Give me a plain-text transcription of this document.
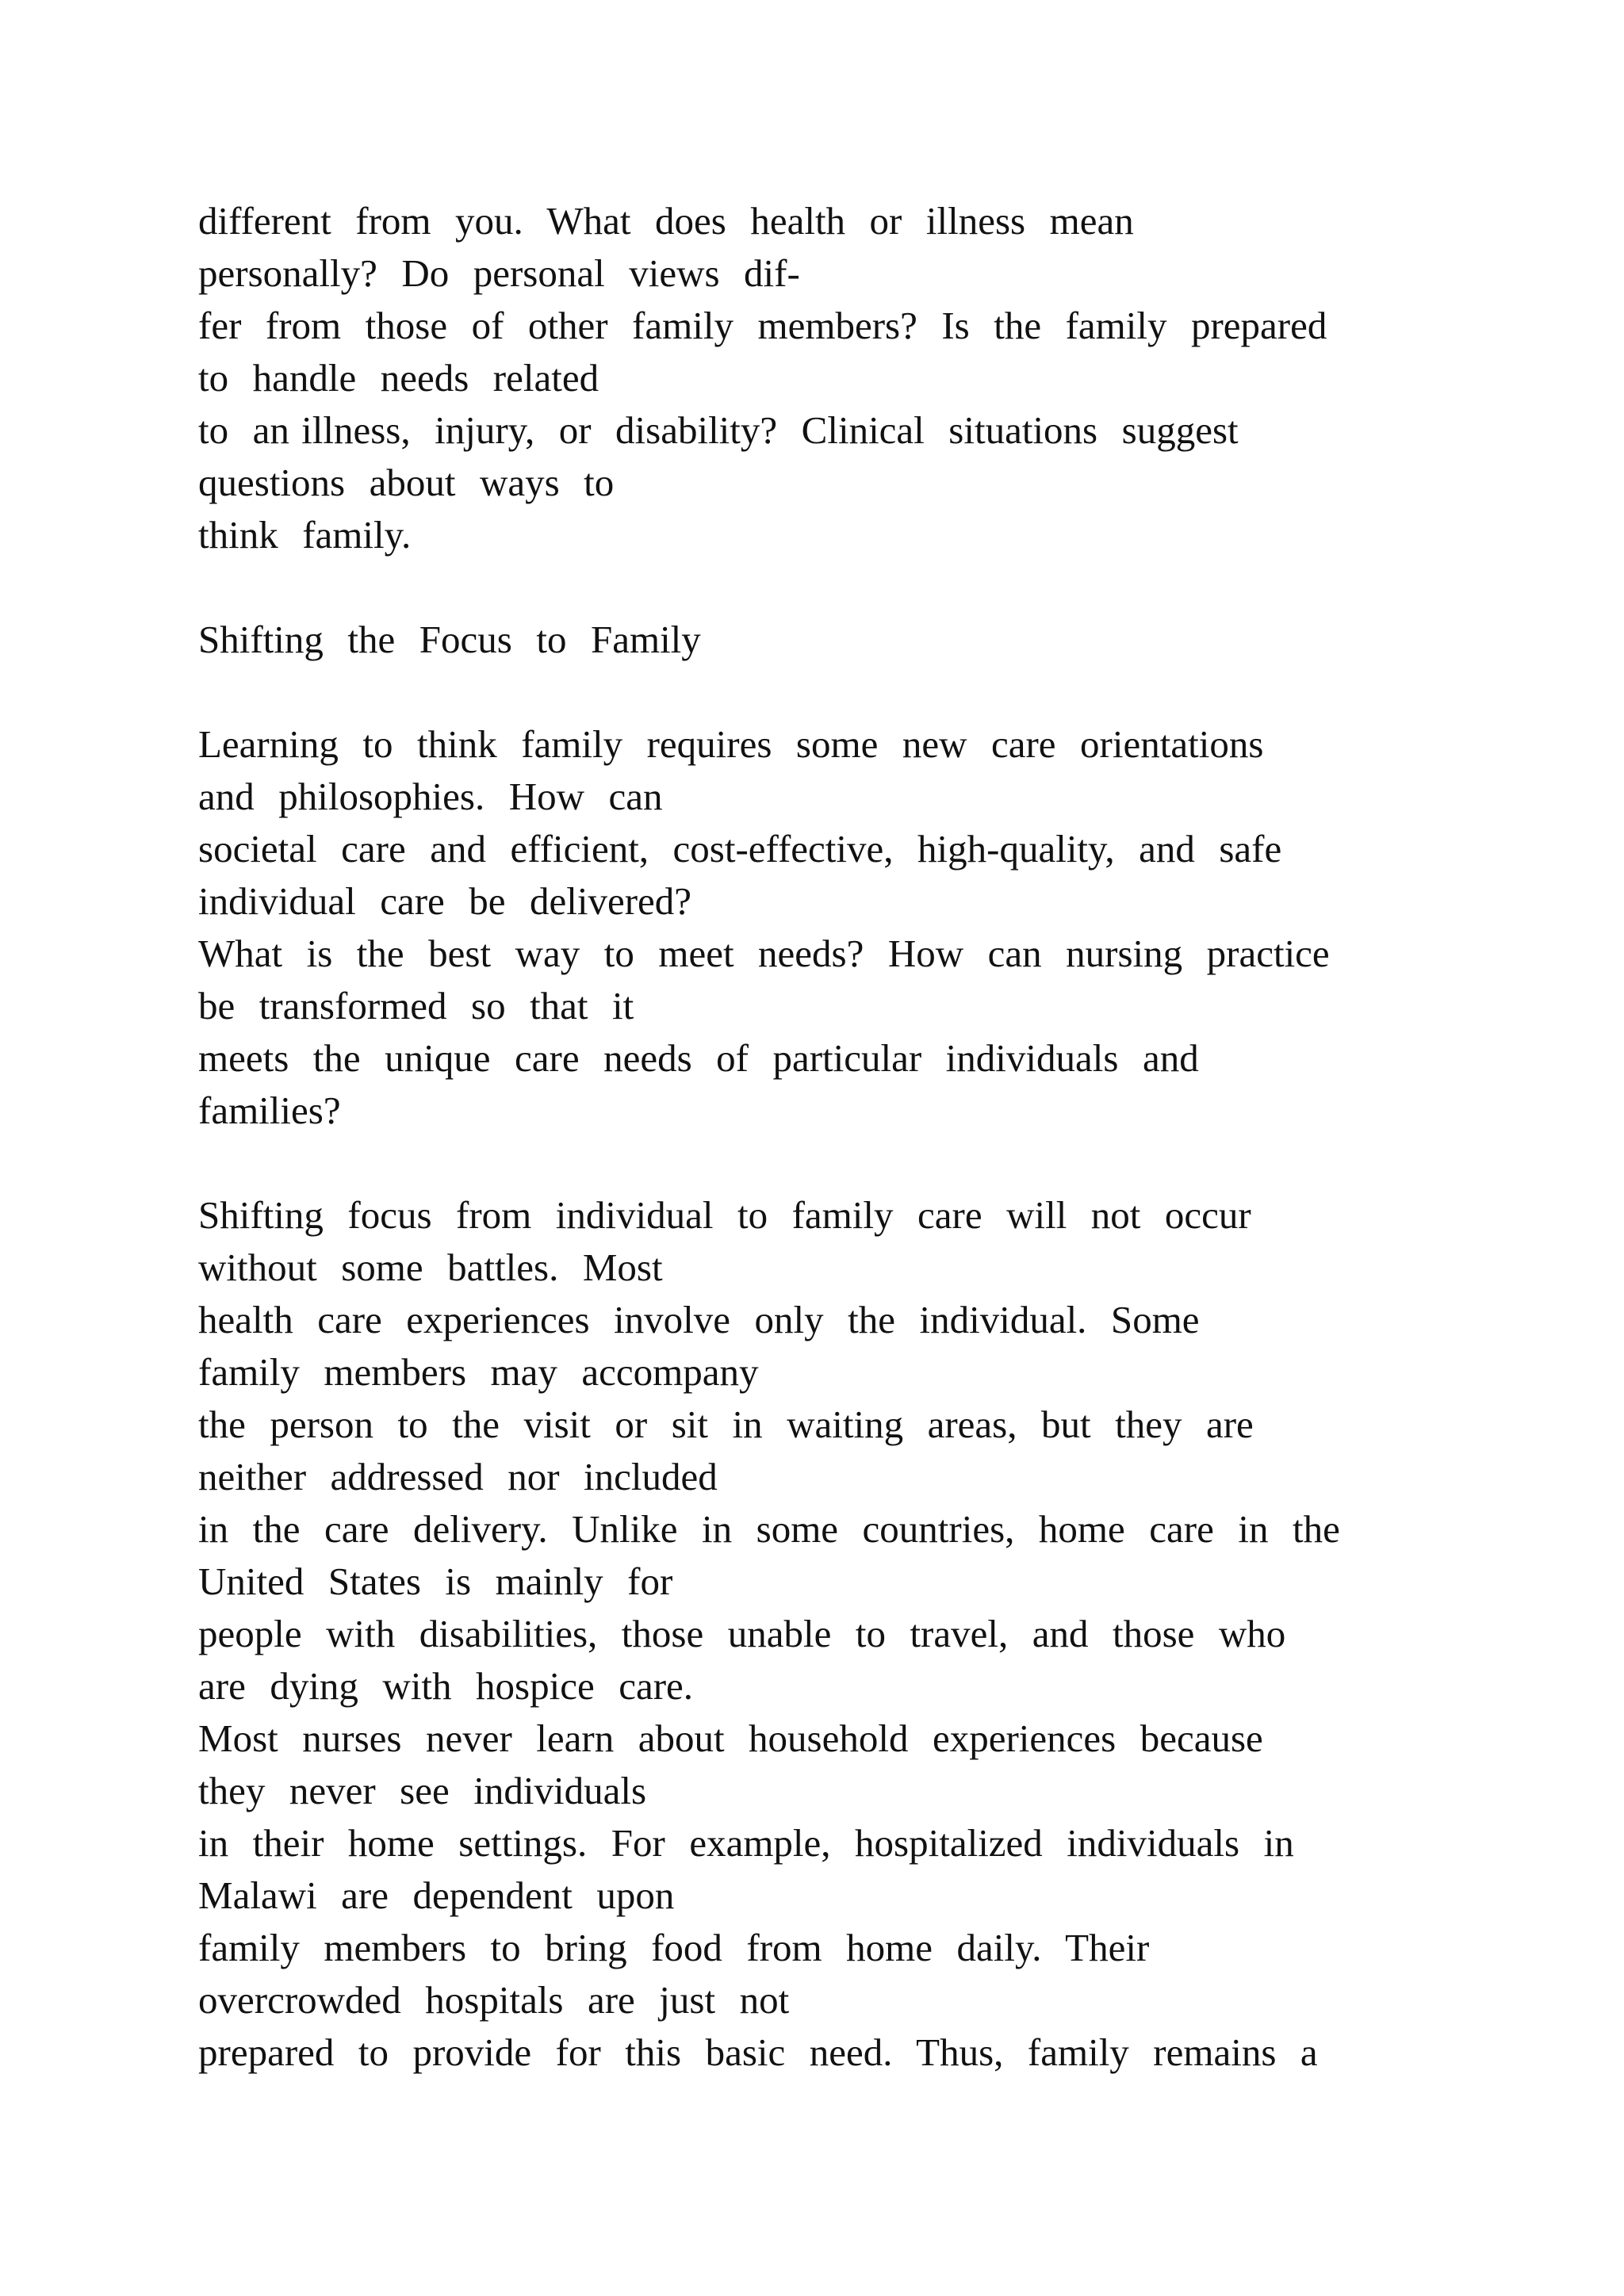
different  from  you.  What  does  health  or  illness  mean
personally?  Do  personal  views  dif-
fer  from  those  of  other  family  members?  Is  the  family  prepared
to  handle  needs  related
to  an illness,  injury,  or  disability?  Clinical  situations  suggest
questions  about  ways  to
think  family.
Shifting  the  Focus  to  Family
Learning  to  think  family  requires  some  new  care  orientations
and  philosophies.  How  can
societal  care  and  efficient,  cost-effective,  high-quality,  and  safe
individual  care  be  delivered?
What  is  the  best  way  to  meet  needs?  How  can  nursing  practice
be  transformed  so  that  it
meets  the  unique  care  needs  of  particular  individuals  and
families?
Shifting  focus  from  individual  to  family  care  will  not  occur
without  some  battles.  Most
health  care  experiences  involve  only  the  individual.  Some
family  members  may  accompany
the  person  to  the  visit  or  sit  in  waiting  areas,  but  they  are
neither  addressed  nor  included
in  the  care  delivery.  Unlike  in  some  countries,  home  care  in  the
United  States  is  mainly  for
people  with  disabilities,  those  unable  to  travel,  and  those  who
are  dying  with  hospice  care.
Most  nurses  never  learn  about  household  experiences  because
they  never  see  individuals
in  their  home  settings.  For  example,  hospitalized  individuals  in
Malawi  are  dependent  upon
family  members  to  bring  food  from  home  daily.  Their
overcrowded  hospitals  are  just  not
prepared  to  provide  for  this  basic  need.  Thus,  family  remains  a
